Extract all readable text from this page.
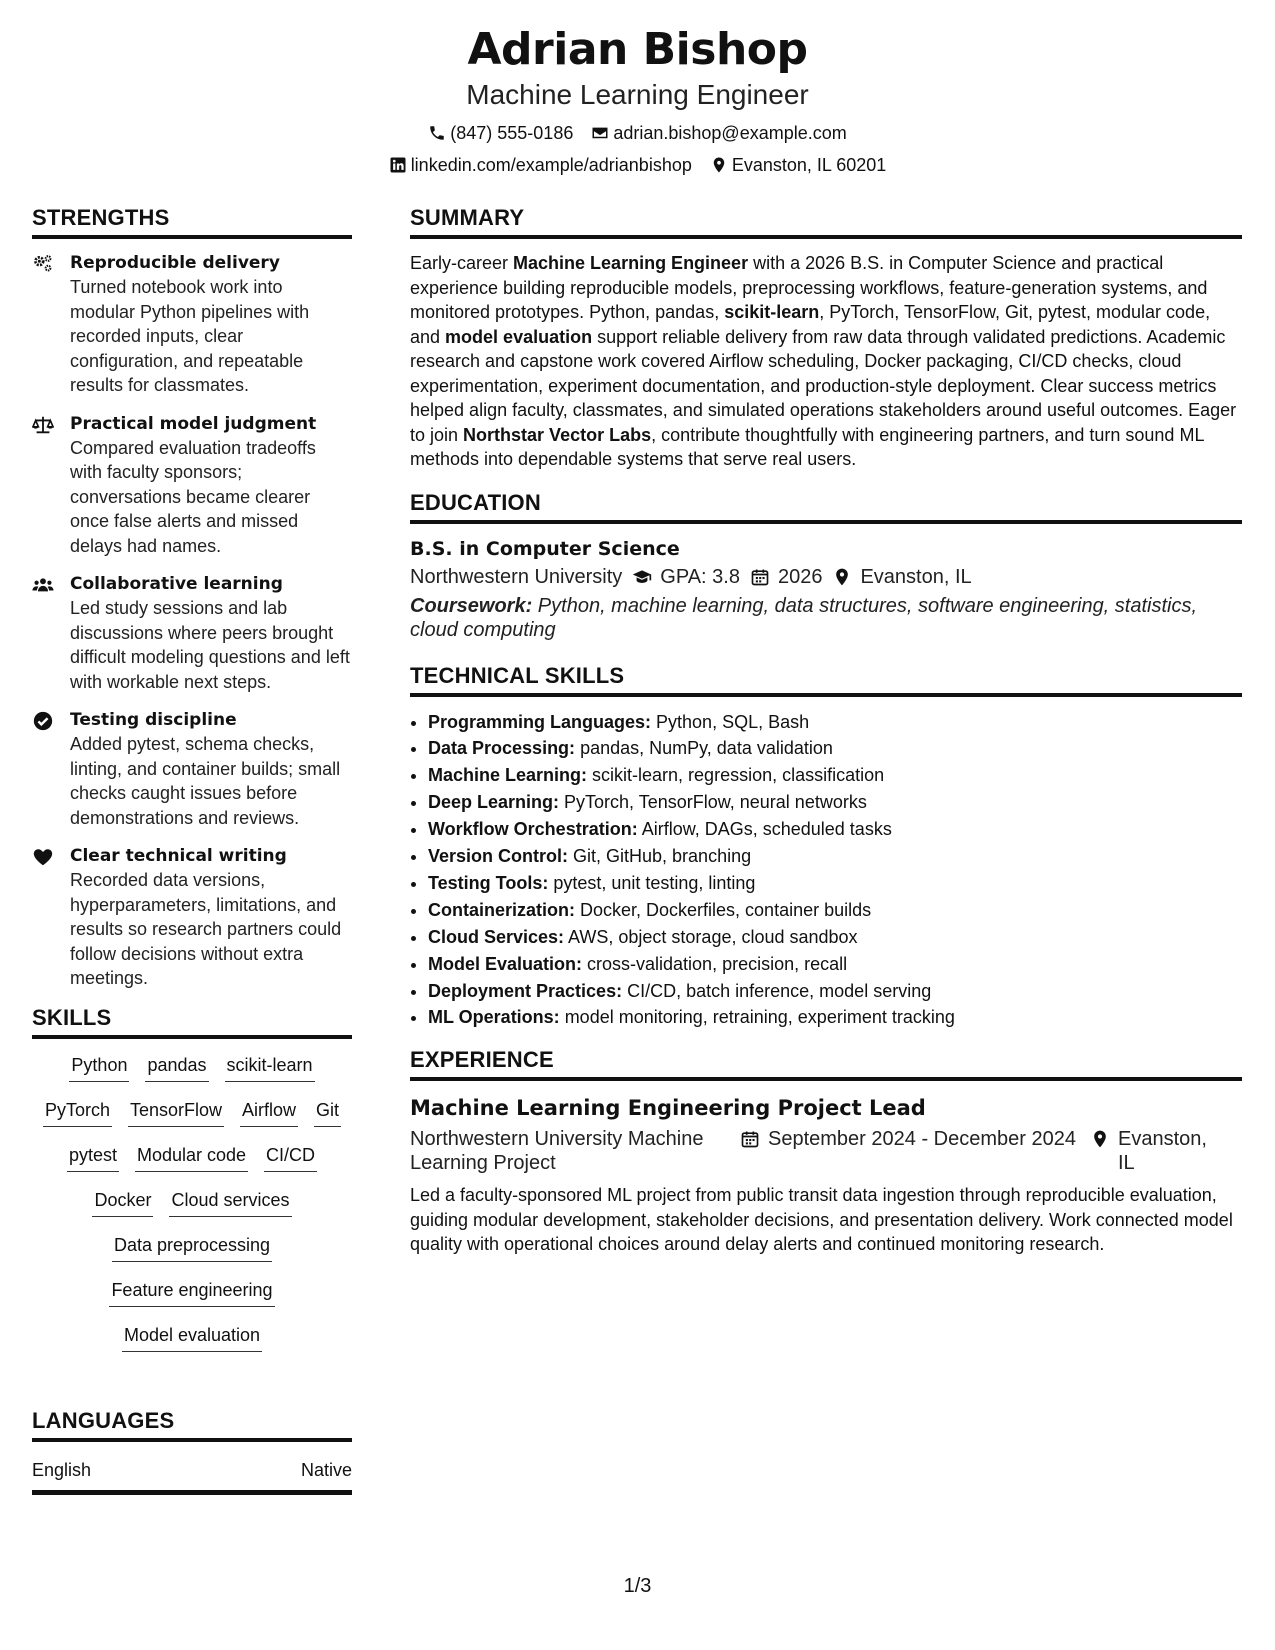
Adrian Bishop
Machine Learning Engineer
(847) 555-0186 adrian.bishop@example.com
linkedin.com/example/adrianbishop Evanston, IL 60201
STRENGTHS
Reproducible delivery
Turned notebook work into modular Python pipelines with recorded inputs, clear configuration, and repeatable results for classmates.
Practical model judgment
Compared evaluation tradeoffs with faculty sponsors; conversations became clearer once false alerts and missed delays had names.
Collaborative learning
Led study sessions and lab discussions where peers brought difficult modeling questions and left with workable next steps.
Testing discipline
Added pytest, schema checks, linting, and container builds; small checks caught issues before demonstrations and reviews.
Clear technical writing
Recorded data versions, hyperparameters, limitations, and results so research partners could follow decisions without extra meetings.
SKILLS
Python pandas scikit-learn
PyTorch TensorFlow Airflow Git
pytest Modular code CI/CD
Docker Cloud services
Data preprocessing
Feature engineering
Model evaluation
LANGUAGES
English	Native
SUMMARY

Early-career Machine Learning Engineer with a 2026 B.S. in Computer Science and practical experience building reproducible models, preprocessing workflows, feature-generation systems, and monitored prototypes. Python, pandas, scikit-learn, PyTorch, TensorFlow, Git, pytest, modular code, and model evaluation support reliable delivery from raw data through validated predictions. Academic research and capstone work covered Airflow scheduling, Docker packaging, CI/CD checks, cloud experimentation, experiment documentation, and production-style deployment. Clear success metrics helped align faculty, classmates, and simulated operations stakeholders around useful outcomes. Eager to join Northstar Vector Labs, contribute thoughtfully with engineering partners, and turn sound ML methods into dependable systems that serve real users.

EDUCATION
B.S. in Computer Science
Northwestern University GPA: 3.8 2026 Evanston, IL
Coursework: Python, machine learning, data structures, software engineering, statistics, cloud computing
TECHNICAL SKILLS
• Programming Languages: Python, SQL, Bash
• Data Processing: pandas, NumPy, data validation
• Machine Learning: scikit-learn, regression, classification
• Deep Learning: PyTorch, TensorFlow, neural networks
• Workflow Orchestration: Airflow, DAGs, scheduled tasks
• Version Control: Git, GitHub, branching
• Testing Tools: pytest, unit testing, linting
• Containerization: Docker, Dockerfiles, container builds
• Cloud Services: AWS, object storage, cloud sandbox
• Model Evaluation: cross-validation, precision, recall
• Deployment Practices: CI/CD, batch inference, model serving
• ML Operations: model monitoring, retraining, experiment tracking
EXPERIENCE
Machine Learning Engineering Project Lead
Northwestern University Machine Learning Project
September 2024 - December 2024 Evanston, IL
Led a faculty-sponsored ML project from public transit data ingestion through reproducible evaluation, guiding modular development, stakeholder decisions, and presentation delivery. Work connected model quality with operational choices around delay alerts and continued monitoring research.
1/3
